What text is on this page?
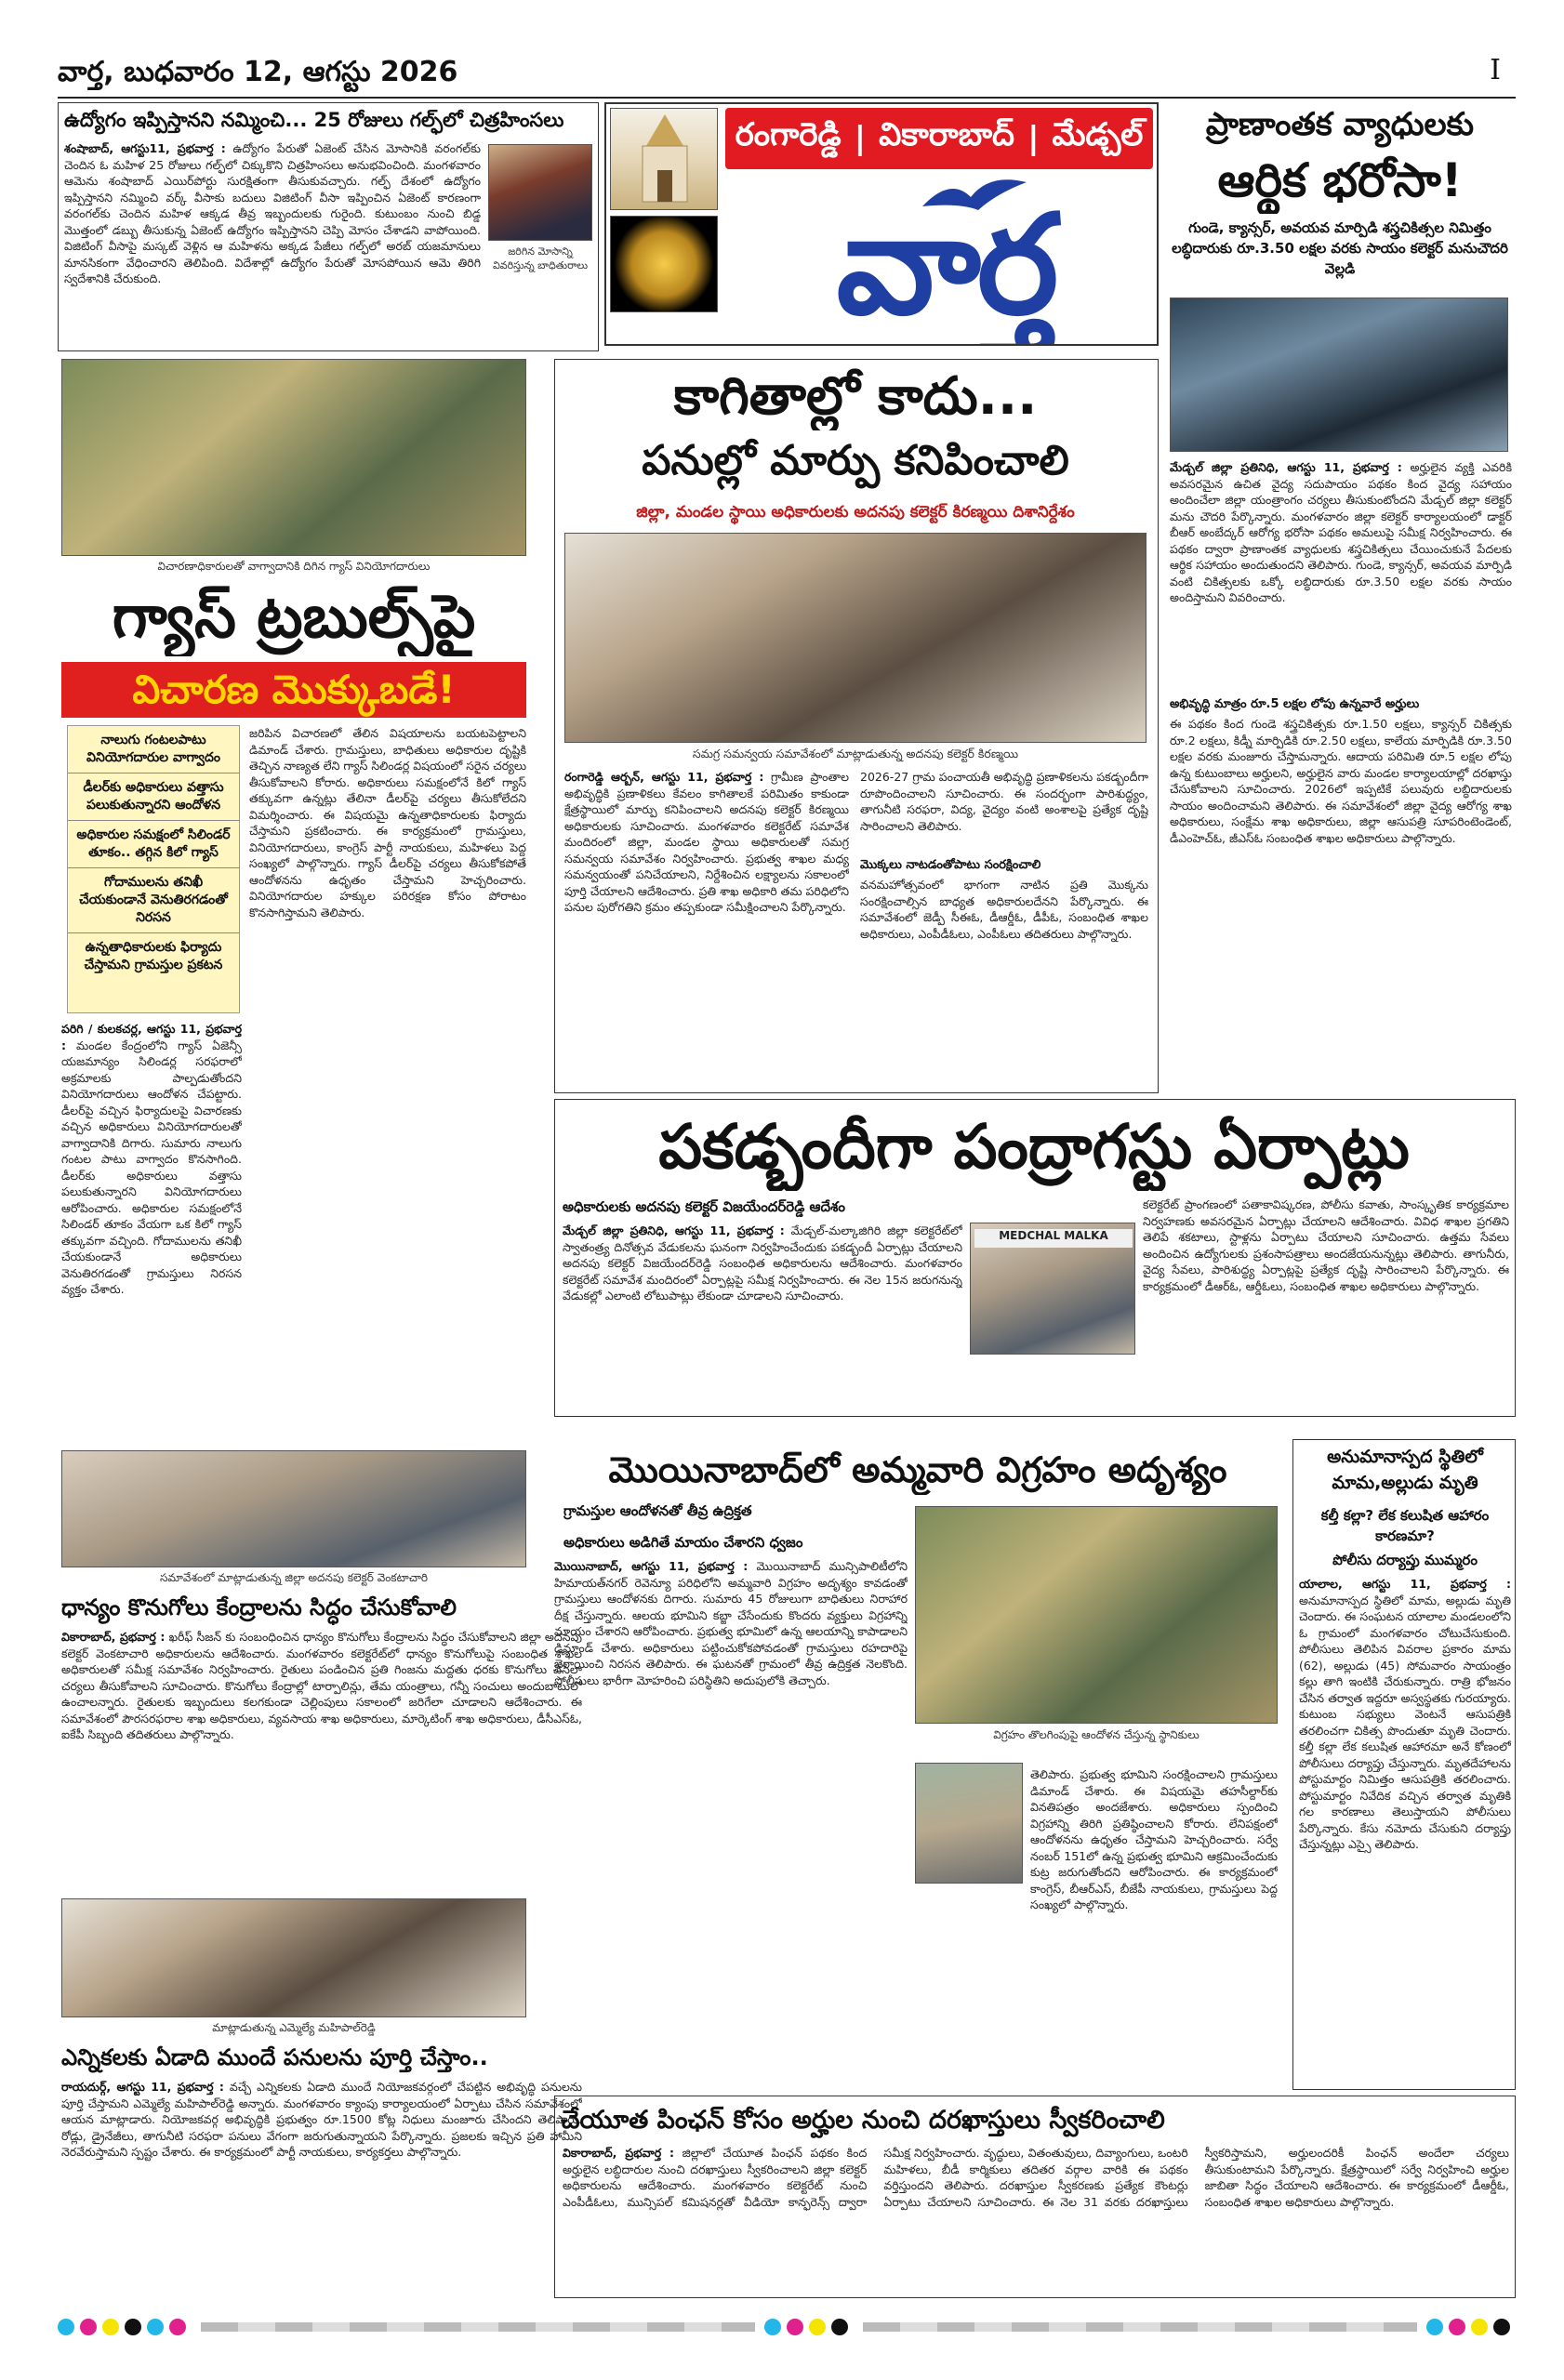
వార్త, బుధవారం 12, ఆగస్టు 2026	I
ఉద్యోగం ఇప్పిస్తానని నమ్మించి... 25 రోజులు గల్ఫ్‌లో చిత్రహింసలు
శంషాబాద్, ఆగస్టు11, ప్రభవార్త : ఉద్యోగం పేరుతో ఏజెంట్ చేసిన మోసానికి వరంగల్‌కు చెందిన ఓ మహిళ 25 రోజులు గల్ఫ్‌లో చిక్కుకొని చిత్రహింసలు అనుభవించింది. మంగళవారం ఆమెను శంషాబాద్ ఎయిర్‌పోర్టు సురక్షితంగా తీసుకువచ్చారు. గల్ఫ్ దేశంలో ఉద్యోగం ఇప్పిస్తానని నమ్మించి వర్క్ వీసాకు బదులు విజిటింగ్ వీసా ఇప్పించిన ఏజెంట్ కారణంగా వరంగల్‌కు చెందిన మహిళ ఆక్కడ తీవ్ర ఇబ్బందులకు గురైంది. కుటుంబం నుంచి బిడ్డ మొత్తంలో డబ్బు తీసుకున్న ఏజెంట్ ఉద్యోగం ఇప్పిస్తానని చెప్పి మోసం చేశాడని వాపోయింది. విజిటింగ్ వీసాపై మస్కట్ వెళ్లిన ఆ మహిళను అక్కడ పేజీలు గల్ఫ్‌లో అరబ్ యజమానులు మానసికంగా వేధించారని తెలిపింది. విదేశాల్లో ఉద్యోగం పేరుతో మోసపోయిన ఆమె తిరిగి స్వదేశానికి చేరుకుంది.
జరిగిన మోసాన్ని వివరిస్తున్న బాధితురాలు
రంగారెడ్డి | వికారాబాద్ | మేడ్చల్
వార్త
ప్రాణాంతక వ్యాధులకు
ఆర్థిక భరోసా!
గుండె, క్యాన్సర్, అవయవ మార్పిడి శస్త్రచికిత్సల నిమిత్తం లబ్ధిదారుకు రూ.3.50 లక్షల వరకు సాయం కలెక్టర్ మనుచౌదరి వెల్లడి
మేడ్చల్ జిల్లా ప్రతినిధి, ఆగస్టు 11, ప్రభవార్త : అర్హులైన వ్యక్తి ఎవరికి అవసరమైన ఉచిత వైద్య సదుపాయం పథకం కింద వైద్య సహాయం అందించేలా జిల్లా యంత్రాంగం చర్యలు తీసుకుంటోందని మేడ్చల్ జిల్లా కలెక్టర్ మను చౌదరి పేర్కొన్నారు. మంగళవారం జిల్లా కలెక్టర్ కార్యాలయంలో డాక్టర్ బీఆర్ అంబేద్కర్ ఆరోగ్య భరోసా పథకం అమలుపై సమీక్ష నిర్వహించారు. ఈ పథకం ద్వారా ప్రాణాంతక వ్యాధులకు శస్త్రచికిత్సలు చేయించుకునే పేదలకు ఆర్థిక సహాయం అందుతుందని తెలిపారు. గుండె, క్యాన్సర్, అవయవ మార్పిడి వంటి చికిత్సలకు ఒక్కో లబ్ధిదారుకు రూ.3.50 లక్షల వరకు సాయం అందిస్తామని వివరించారు.
అభివృద్ధి మాత్రం రూ.5 లక్షల లోపు ఉన్నవారే అర్హులు
ఈ పథకం కింద గుండె శస్త్రచికిత్సకు రూ.1.50 లక్షలు, క్యాన్సర్ చికిత్సకు రూ.2 లక్షలు, కిడ్నీ మార్పిడికి రూ.2.50 లక్షలు, కాలేయ మార్పిడికి రూ.3.50 లక్షల వరకు మంజూరు చేస్తామన్నారు. ఆదాయ పరిమితి రూ.5 లక్షల లోపు ఉన్న కుటుంబాలు అర్హులని, అర్హులైన వారు మండల కార్యాలయాల్లో దరఖాస్తు చేసుకోవాలని సూచించారు. 2026లో ఇప్పటికే పలువురు లబ్ధిదారులకు సాయం అందించామని తెలిపారు. ఈ సమావేశంలో జిల్లా వైద్య ఆరోగ్య శాఖ అధికారులు, సంక్షేమ శాఖ అధికారులు, జిల్లా ఆసుపత్రి సూపరింటెండెంట్, డీఎంహెచ్‌ఓ, జీఎస్‌ఓ సంబంధిత శాఖల అధికారులు పాల్గొన్నారు.
విచారణాధికారులతో వాగ్వాదానికి దిగిన గ్యాస్ వినియోగదారులు
గ్యాస్ ట్రబుల్స్‌పై
విచారణ మొక్కుబడే!
నాలుగు గంటలపాటు వినియోగదారుల వాగ్వాదం
డీలర్‌కు అధికారులు వత్తాసు పలుకుతున్నారని ఆందోళన
అధికారుల సమక్షంలో సిలిండర్ తూకం.. తగ్గిన కిలో గ్యాస్
గోదాములను తనిఖీ చేయకుండానే వెనుతిరగడంతో నిరసన
ఉన్నతాధికారులకు ఫిర్యాదు చేస్తామని గ్రామస్తుల ప్రకటన
పరిగి / కులకచర్ల, ఆగస్టు 11, ప్రభవార్త : మండల కేంద్రంలోని గ్యాస్ ఏజెన్సీ యజమాన్యం సిలిండర్ల సరఫరాలో అక్రమాలకు పాల్పడుతోందని వినియోగదారులు ఆందోళన చేపట్టారు. డీలర్‌పై వచ్చిన ఫిర్యాదులపై విచారణకు వచ్చిన అధికారులు వినియోగదారులతో వాగ్వాదానికి దిగారు. సుమారు నాలుగు గంటల పాటు వాగ్వాదం కొనసాగింది. డీలర్‌కు అధికారులు వత్తాసు పలుకుతున్నారని వినియోగదారులు ఆరోపించారు. అధికారుల సమక్షంలోనే సిలిండర్ తూకం వేయగా ఒక కిలో గ్యాస్ తక్కువగా వచ్చింది. గోదాములను తనిఖీ చేయకుండానే అధికారులు వెనుతిరగడంతో గ్రామస్తులు నిరసన వ్యక్తం చేశారు.
జరిపిన విచారణలో తేలిన విషయాలను బయటపెట్టాలని డిమాండ్ చేశారు. గ్రామస్తులు, బాధితులు అధికారుల దృష్టికి తెచ్చిన నాణ్యత లేని గ్యాస్ సిలిండర్ల విషయంలో సరైన చర్యలు తీసుకోవాలని కోరారు. అధికారులు సమక్షంలోనే కిలో గ్యాస్ తక్కువగా ఉన్నట్లు తేలినా డీలర్‌పై చర్యలు తీసుకోలేదని విమర్శించారు. ఈ విషయమై ఉన్నతాధికారులకు ఫిర్యాదు చేస్తామని ప్రకటించారు. ఈ కార్యక్రమంలో గ్రామస్తులు, వినియోగదారులు, కాంగ్రెస్ పార్టీ నాయకులు, మహిళలు పెద్ద సంఖ్యలో పాల్గొన్నారు. గ్యాస్ డీలర్‌పై చర్యలు తీసుకోకపోతే ఆందోళనను ఉధృతం చేస్తామని హెచ్చరించారు. వినియోగదారుల హక్కుల పరిరక్షణ కోసం పోరాటం కొనసాగిస్తామని తెలిపారు.
కాగితాల్లో కాదు...
పనుల్లో మార్పు కనిపించాలి
జిల్లా, మండల స్థాయి అధికారులకు అదనపు కలెక్టర్ కిరణ్మయి దిశానిర్దేశం
సమగ్ర సమన్వయ సమావేశంలో మాట్లాడుతున్న అదనపు కలెక్టర్ కిరణ్మయి
రంగారెడ్డి ఆర్బన్, ఆగస్టు 11, ప్రభవార్త : గ్రామీణ ప్రాంతాల అభివృద్ధికి ప్రణాళికలు కేవలం కాగితాలకే పరిమితం కాకుండా క్షేత్రస్థాయిలో మార్పు కనిపించాలని అదనపు కలెక్టర్ కిరణ్మయి అధికారులకు సూచించారు. మంగళవారం కలెక్టరేట్ సమావేశ మందిరంలో జిల్లా, మండల స్థాయి అధికారులతో సమగ్ర సమన్వయ సమావేశం నిర్వహించారు. ప్రభుత్వ శాఖల మధ్య సమన్వయంతో పనిచేయాలని, నిర్దేశించిన లక్ష్యాలను సకాలంలో పూర్తి చేయాలని ఆదేశించారు. ప్రతి శాఖ అధికారి తమ పరిధిలోని పనుల పురోగతిని క్రమం తప్పకుండా సమీక్షించాలని పేర్కొన్నారు.
2026-27 గ్రామ పంచాయతీ అభివృద్ధి ప్రణాళికలను పకడ్బందీగా రూపొందించాలని సూచించారు. ఈ సందర్భంగా పారిశుద్ధ్యం, తాగునీటి సరఫరా, విద్య, వైద్యం వంటి అంశాలపై ప్రత్యేక దృష్టి సారించాలని తెలిపారు.
మొక్కలు నాటడంతోపాటు సంరక్షించాలి
వనమహోత్సవంలో భాగంగా నాటిన ప్రతి మొక్కను సంరక్షించాల్సిన బాధ్యత అధికారులదేనని పేర్కొన్నారు. ఈ సమావేశంలో జెడ్పీ సీఈఓ, డీఆర్డీఓ, డీపీఓ, సంబంధిత శాఖల అధికారులు, ఎంపీడీఓలు, ఎంపీఓలు తదితరులు పాల్గొన్నారు.
పకడ్బందీగా పంద్రాగస్టు ఏర్పాట్లు
అధికారులకు అదనపు కలెక్టర్ విజయేందర్‌రెడ్డి ఆదేశం
మేడ్చల్ జిల్లా ప్రతినిధి, ఆగస్టు 11, ప్రభవార్త : మేడ్చల్-మల్కాజిగిరి జిల్లా కలెక్టరేట్‌లో స్వాతంత్ర్య దినోత్సవ వేడుకలను ఘనంగా నిర్వహించేందుకు పకడ్బందీ ఏర్పాట్లు చేయాలని అదనపు కలెక్టర్ విజయేందర్‌రెడ్డి సంబంధిత అధికారులను ఆదేశించారు. మంగళవారం కలెక్టరేట్ సమావేశ మందిరంలో ఏర్పాట్లపై సమీక్ష నిర్వహించారు. ఈ నెల 15న జరుగనున్న వేడుకల్లో ఎలాంటి లోటుపాట్లు లేకుండా చూడాలని సూచించారు.
MEDCHAL MALKA
కలెక్టరేట్ ప్రాంగణంలో పతాకావిష్కరణ, పోలీసు కవాతు, సాంస్కృతిక కార్యక్రమాల నిర్వహణకు అవసరమైన ఏర్పాట్లు చేయాలని ఆదేశించారు. వివిధ శాఖల ప్రగతిని తెలిపే శకటాలు, స్టాళ్లను ఏర్పాటు చేయాలని సూచించారు. ఉత్తమ సేవలు అందించిన ఉద్యోగులకు ప్రశంసాపత్రాలు అందజేయనున్నట్లు తెలిపారు. తాగునీరు, వైద్య సేవలు, పారిశుద్ధ్య ఏర్పాట్లపై ప్రత్యేక దృష్టి సారించాలని పేర్కొన్నారు. ఈ కార్యక్రమంలో డీఆర్‌ఓ, ఆర్డీఓలు, సంబంధిత శాఖల అధికారులు పాల్గొన్నారు.
సమావేశంలో మాట్లాడుతున్న జిల్లా అదనపు కలెక్టర్ వెంకటాచారి
ధాన్యం కొనుగోలు కేంద్రాలను సిద్ధం చేసుకోవాలి
వికారాబాద్, ప్రభవార్త : ఖరీఫ్ సీజన్ కు సంబంధించిన ధాన్యం కొనుగోలు కేంద్రాలను సిద్ధం చేసుకోవాలని జిల్లా అదనపు కలెక్టర్ వెంకటాచారి అధికారులను ఆదేశించారు. మంగళవారం కలెక్టరేట్‌లో ధాన్యం కొనుగోలుపై సంబంధిత శాఖల అధికారులతో సమీక్ష సమావేశం నిర్వహించారు. రైతులు పండించిన ప్రతి గింజను మద్దతు ధరకు కొనుగోలు చేసేలా చర్యలు తీసుకోవాలని సూచించారు. కొనుగోలు కేంద్రాల్లో టార్పాలిన్లు, తేమ యంత్రాలు, గన్నీ సంచులు అందుబాటులో ఉంచాలన్నారు. రైతులకు ఇబ్బందులు కలగకుండా చెల్లింపులు సకాలంలో జరిగేలా చూడాలని ఆదేశించారు. ఈ సమావేశంలో పౌరసరఫరాల శాఖ అధికారులు, వ్యవసాయ శాఖ అధికారులు, మార్కెటింగ్ శాఖ అధికారులు, డీసీఎస్‌ఓ, ఐకేపీ సిబ్బంది తదితరులు పాల్గొన్నారు.
మాట్లాడుతున్న ఎమ్మెల్యే మహిపాల్‌రెడ్డి
ఎన్నికలకు ఏడాది ముందే పనులను పూర్తి చేస్తాం..
రాయదుర్గ్, ఆగస్టు 11, ప్రభవార్త : వచ్చే ఎన్నికలకు ఏడాది ముందే నియోజకవర్గంలో చేపట్టిన అభివృద్ధి పనులను పూర్తి చేస్తామని ఎమ్మెల్యే మహిపాల్‌రెడ్డి అన్నారు. మంగళవారం క్యాంపు కార్యాలయంలో ఏర్పాటు చేసిన సమావేశంలో ఆయన మాట్లాడారు. నియోజకవర్గ అభివృద్ధికి ప్రభుత్వం రూ.1500 కోట్ల నిధులు మంజూరు చేసిందని తెలిపారు. రోడ్లు, డ్రైనేజీలు, తాగునీటి సరఫరా పనులు వేగంగా జరుగుతున్నాయని పేర్కొన్నారు. ప్రజలకు ఇచ్చిన ప్రతి హామీని నెరవేరుస్తామని స్పష్టం చేశారు. ఈ కార్యక్రమంలో పార్టీ నాయకులు, కార్యకర్తలు పాల్గొన్నారు.
మొయినాబాద్‌లో అమ్మవారి విగ్రహం అదృశ్యం
గ్రామస్తుల ఆందోళనతో తీవ్ర ఉద్రిక్తత
అధికారులు అడిగితే మాయం చేశారని ధ్వజం
మొయినాబాద్, ఆగస్టు 11, ప్రభవార్త : మొయినాబాద్ మున్సిపాలిటీలోని హిమాయత్‌నగర్ రెవెన్యూ పరిధిలోని అమ్మవారి విగ్రహం అదృశ్యం కావడంతో గ్రామస్తులు ఆందోళనకు దిగారు. సుమారు 45 రోజులుగా బాధితులు నిరాహార దీక్ష చేస్తున్నారు. ఆలయ భూమిని కబ్జా చేసేందుకు కొందరు వ్యక్తులు విగ్రహాన్ని మాయం చేశారని ఆరోపించారు. ప్రభుత్వ భూమిలో ఉన్న ఆలయాన్ని కాపాడాలని డిమాండ్ చేశారు. అధికారులు పట్టించుకోకపోవడంతో గ్రామస్తులు రహదారిపై బైఠాయించి నిరసన తెలిపారు. ఈ ఘటనతో గ్రామంలో తీవ్ర ఉద్రిక్తత నెలకొంది. పోలీసులు భారీగా మోహరించి పరిస్థితిని అదుపులోకి తెచ్చారు.
విగ్రహం తొలగింపుపై ఆందోళన చేస్తున్న స్థానికులు
తెలిపారు. ప్రభుత్వ భూమిని సంరక్షించాలని గ్రామస్తులు డిమాండ్ చేశారు. ఈ విషయమై తహసీల్దార్‌కు వినతిపత్రం అందజేశారు. అధికారులు స్పందించి విగ్రహాన్ని తిరిగి ప్రతిష్ఠించాలని కోరారు. లేనిపక్షంలో ఆందోళనను ఉధృతం చేస్తామని హెచ్చరించారు. సర్వే నంబర్ 151లో ఉన్న ప్రభుత్వ భూమిని ఆక్రమించేందుకు కుట్ర జరుగుతోందని ఆరోపించారు. ఈ కార్యక్రమంలో కాంగ్రెస్, బీఆర్‌ఎస్, బీజేపీ నాయకులు, గ్రామస్తులు పెద్ద సంఖ్యలో పాల్గొన్నారు.
అనుమానాస్పద స్థితిలో మామ,అల్లుడు మృతి
కల్తీ కల్లా? లేక కలుషిత ఆహారం కారణమా?
పోలీసు దర్యాప్తు ముమ్మరం
యాలాల, ఆగస్టు 11, ప్రభవార్త : అనుమానాస్పద స్థితిలో మామ, అల్లుడు మృతి చెందారు. ఈ సంఘటన యాలాల మండలంలోని ఓ గ్రామంలో మంగళవారం చోటుచేసుకుంది. పోలీసులు తెలిపిన వివరాల ప్రకారం మామ (62), అల్లుడు (45) సోమవారం సాయంత్రం కల్లు తాగి ఇంటికి చేరుకున్నారు. రాత్రి భోజనం చేసిన తర్వాత ఇద్దరూ అస్వస్థతకు గురయ్యారు. కుటుంబ సభ్యులు వెంటనే ఆసుపత్రికి తరలించగా చికిత్స పొందుతూ మృతి చెందారు. కల్తీ కల్లా లేక కలుషిత ఆహారమా అనే కోణంలో పోలీసులు దర్యాప్తు చేస్తున్నారు. మృతదేహాలను పోస్టుమార్టం నిమిత్తం ఆసుపత్రికి తరలించారు. పోస్టుమార్టం నివేదిక వచ్చిన తర్వాత మృతికి గల కారణాలు తెలుస్తాయని పోలీసులు పేర్కొన్నారు. కేసు నమోదు చేసుకుని దర్యాప్తు చేస్తున్నట్లు ఎస్సై తెలిపారు.
చేయూత పింఛన్ కోసం అర్హుల నుంచి దరఖాస్తులు స్వీకరించాలి
వికారాబాద్, ప్రభవార్త : జిల్లాలో చేయూత పింఛన్ పథకం కింద అర్హులైన లబ్ధిదారుల నుంచి దరఖాస్తులు స్వీకరించాలని జిల్లా కలెక్టర్ అధికారులను ఆదేశించారు. మంగళవారం కలెక్టరేట్ నుంచి ఎంపీడీఓలు, మున్సిపల్ కమిషనర్లతో వీడియో కాన్ఫరెన్స్ ద్వారా సమీక్ష నిర్వహించారు. వృద్ధులు, వితంతువులు, దివ్యాంగులు, ఒంటరి మహిళలు, బీడీ కార్మికులు తదితర వర్గాల వారికి ఈ పథకం వర్తిస్తుందని తెలిపారు. దరఖాస్తుల స్వీకరణకు ప్రత్యేక కౌంటర్లు ఏర్పాటు చేయాలని సూచించారు. ఈ నెల 31 వరకు దరఖాస్తులు స్వీకరిస్తామని, అర్హులందరికీ పింఛన్ అందేలా చర్యలు తీసుకుంటామని పేర్కొన్నారు. క్షేత్రస్థాయిలో సర్వే నిర్వహించి అర్హుల జాబితా సిద్ధం చేయాలని ఆదేశించారు. ఈ కార్యక్రమంలో డీఆర్డీఓ, సంబంధిత శాఖల అధికారులు పాల్గొన్నారు.
